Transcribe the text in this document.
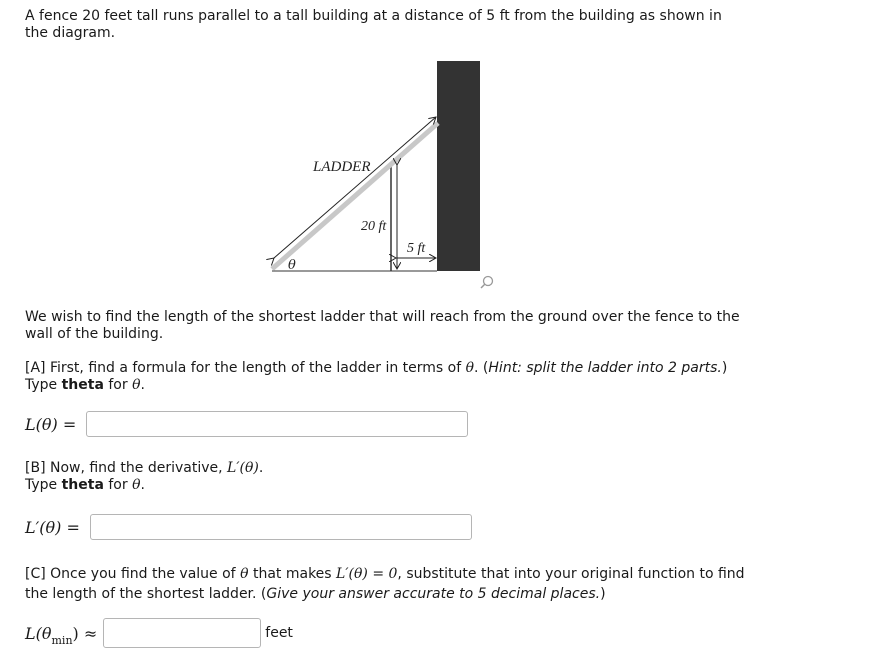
A fence 20 feet tall runs parallel to a tall building at a distance of 5 ft from the building as shown in the diagram.

LADDER
20 ft
5 ft
θ

We wish to find the length of the shortest ladder that will reach from the ground over the fence to the wall of the building.

[A] First, find a formula for the length of the ladder in terms of θ. (Hint: split the ladder into 2 parts.)
Type theta for θ.

L(θ) =

[B] Now, find the derivative, L′(θ).
Type theta for θ.

L′(θ) =

[C] Once you find the value of θ that makes L′(θ) = 0, substitute that into your original function to find the length of the shortest ladder. (Give your answer accurate to 5 decimal places.)

$L(\theta_{min})$ ≈	feet
